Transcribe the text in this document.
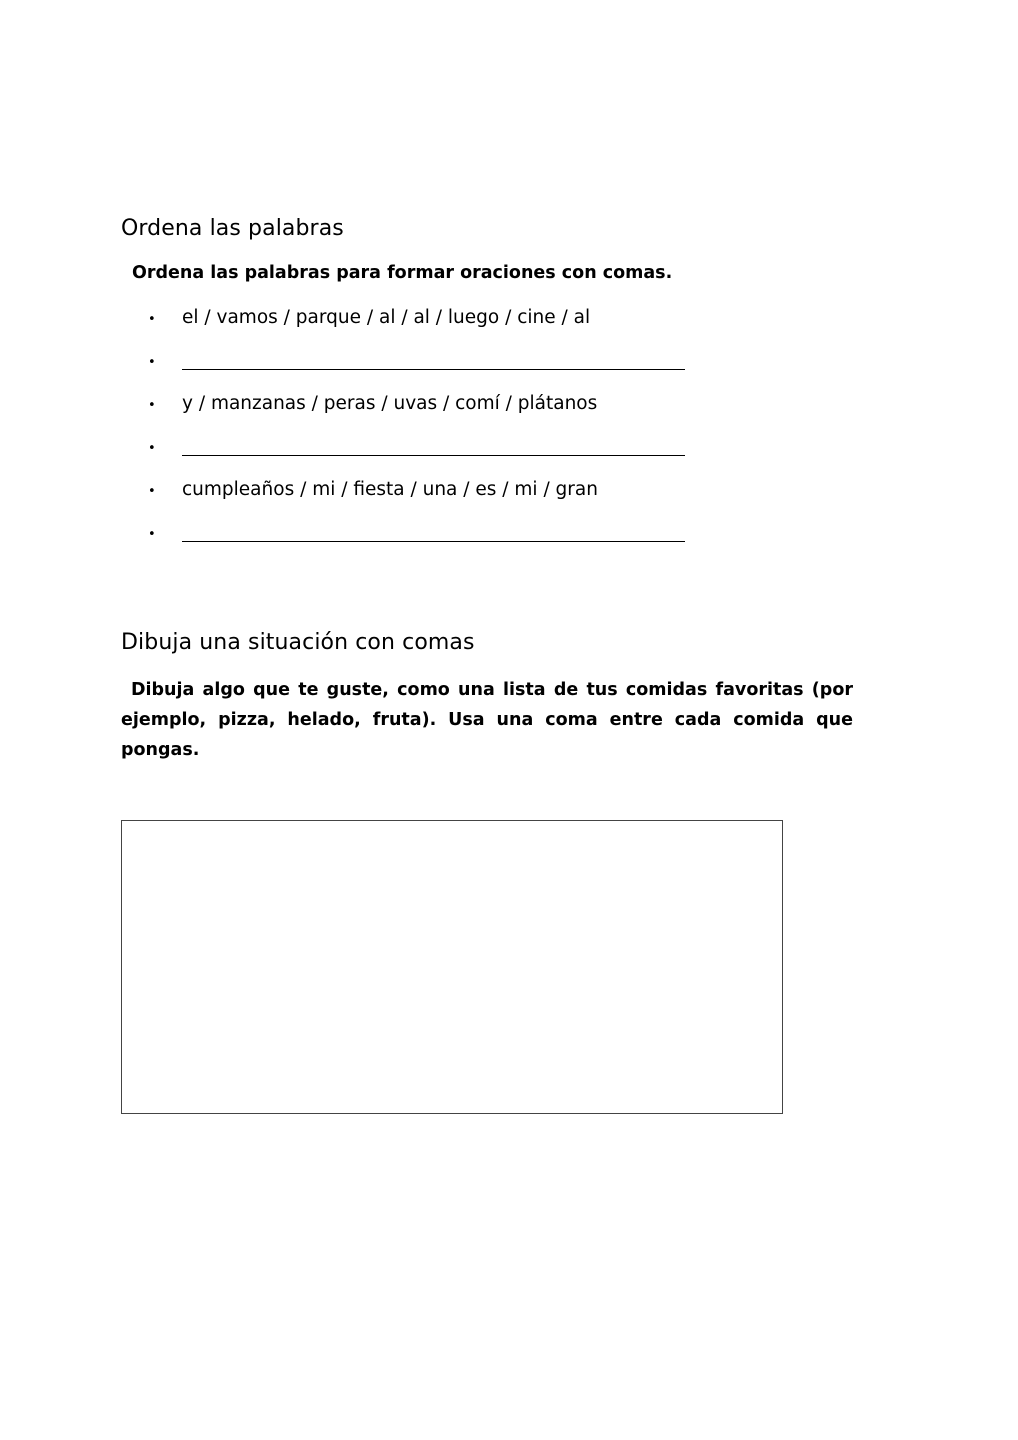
Ordena las palabras
Ordena las palabras para formar oraciones con comas.
• el / vamos / parque / al / al / luego / cine / al
•
• y / manzanas / peras / uvas / comí / plátanos
•
• cumpleaños / mi / fiesta / una / es / mi / gran
•
Dibuja una situación con comas
Dibuja algo que te guste, como una lista de tus comidas favoritas (por ejemplo, pizza, helado, fruta). Usa una coma entre cada comida que pongas.
